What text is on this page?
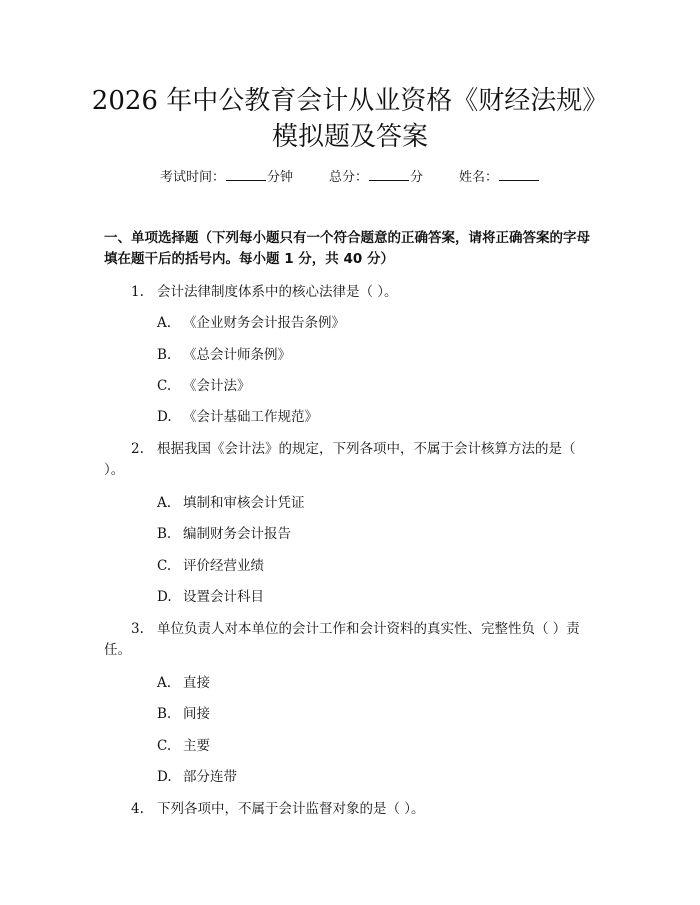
2026 年中公教育会计从业资格《财经法规》
模拟题及答案
考试时间：	分钟	总分：	分	姓名：

一、单项选择题（下列每小题只有一个符合题意的正确答案，请将正确答案的字母填在题干后的括号内。每小题 1 分，共 40 分）

1. 会计法律制度体系中的核心法律是（ ）。
A. 《企业财务会计报告条例》
B. 《总会计师条例》
C. 《会计法》
D. 《会计基础工作规范》
2. 根据我国《会计法》的规定，下列各项中，不属于会计核算方法的是（ ）。
A. 填制和审核会计凭证
B. 编制财务会计报告
C. 评价经营业绩
D. 设置会计科目
3. 单位负责人对本单位的会计工作和会计资料的真实性、完整性负（ ）责任。
A. 直接
B. 间接
C. 主要
D. 部分连带
4. 下列各项中，不属于会计监督对象的是（ ）。
